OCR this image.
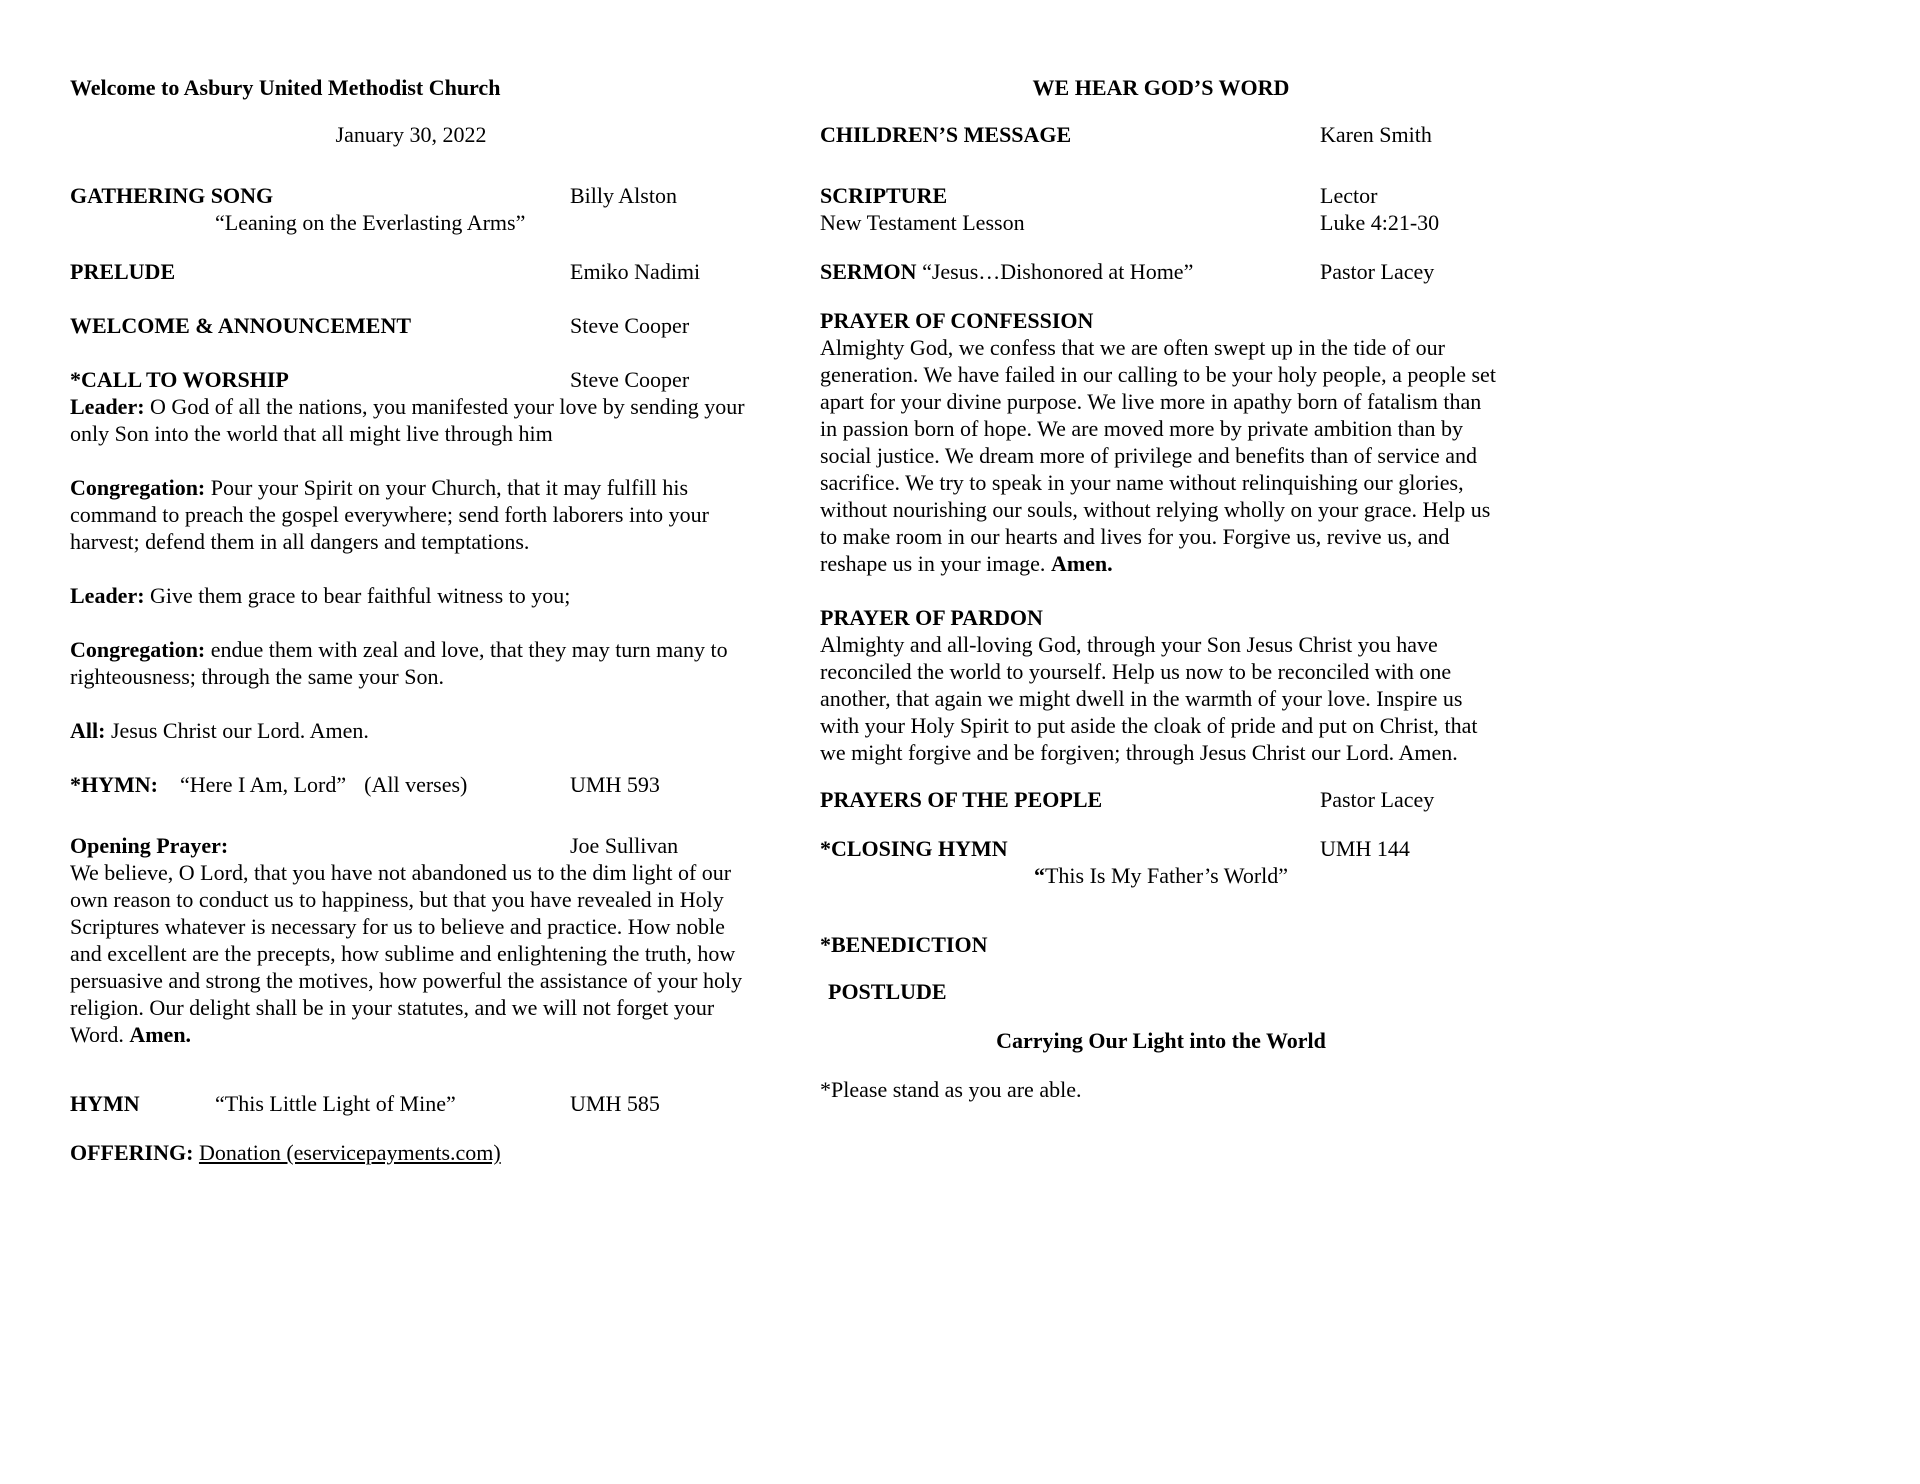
Welcome to Asbury United Methodist Church
January 30, 2022
GATHERING SONG	Billy Alston
“Leaning on the Everlasting Arms”
PRELUDE	Emiko Nadimi
WELCOME & ANNOUNCEMENT	Steve Cooper
*CALL TO WORSHIP	Steve Cooper

Leader: O God of all the nations, you manifested your love by sending your only Son into the world that all might live through him

Congregation: Pour your Spirit on your Church, that it may fulfill his command to preach the gospel everywhere; send forth laborers into your harvest; defend them in all dangers and temptations.

Leader: Give them grace to bear faithful witness to you;

Congregation: endue them with zeal and love, that they may turn many to righteousness; through the same your Son.

All: Jesus Christ our Lord. Amen.

*HYMN: “Here I Am, Lord” (All verses)	UMH 593
Opening Prayer:	Joe Sullivan

We believe, O Lord, that you have not abandoned us to the dim light of our own reason to conduct us to happiness, but that you have revealed in Holy Scriptures whatever is necessary for us to believe and practice. How noble and excellent are the precepts, how sublime and enlightening the truth, how persuasive and strong the motives, how powerful the assistance of your holy religion. Our delight shall be in your statutes, and we will not forget your Word. Amen.

HYMN	“This Little Light of Mine”	UMH 585
OFFERING: Donation (eservicepayments.com)
WE HEAR GOD’S WORD
CHILDREN’S MESSAGE	Karen Smith
SCRIPTURE	Lector
New Testament Lesson	Luke 4:21-30
SERMON “Jesus…Dishonored at Home”	Pastor Lacey
PRAYER OF CONFESSION

Almighty God, we confess that we are often swept up in the tide of our generation. We have failed in our calling to be your holy people, a people set apart for your divine purpose. We live more in apathy born of fatalism than in passion born of hope. We are moved more by private ambition than by social justice. We dream more of privilege and benefits than of service and sacrifice. We try to speak in your name without relinquishing our glories, without nourishing our souls, without relying wholly on your grace. Help us to make room in our hearts and lives for you. Forgive us, revive us, and reshape us in your image. Amen.

PRAYER OF PARDON

Almighty and all-loving God, through your Son Jesus Christ you have reconciled the world to yourself. Help us now to be reconciled with one another, that again we might dwell in the warmth of your love. Inspire us with your Holy Spirit to put aside the cloak of pride and put on Christ, that we might forgive and be forgiven; through Jesus Christ our Lord. Amen.

PRAYERS OF THE PEOPLE	Pastor Lacey
*CLOSING HYMN	UMH 144
“This Is My Father’s World”
*BENEDICTION
POSTLUDE
Carrying Our Light into the World
*Please stand as you are able.
